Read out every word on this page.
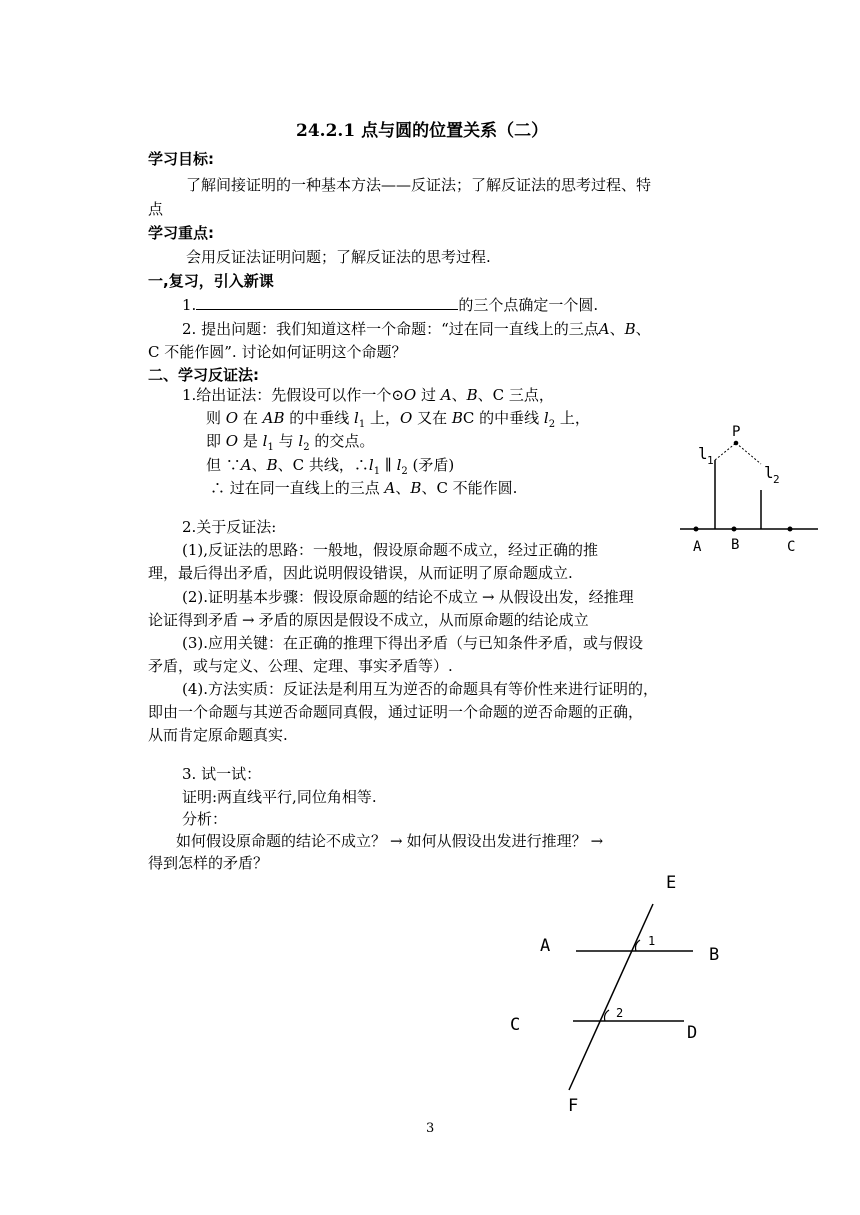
24.2.1 点与圆的位置关系（二）
学习目标:
了解间接证明的一种基本方法——反证法；了解反证法的思考过程、特
点
学习重点:
会用反证法证明问题；了解反证法的思考过程.
一,复习，引入新课
1.	的三个点确定一个圆.
2. 提出问题：我们知道这样一个命题：“过在同一直线上的三点A、B、
C 不能作圆”. 讨论如何证明这个命题？
二、学习反证法:
1.给出证法：先假设可以作一个⊙O 过 A、B、C 三点，
则 O 在 AB 的中垂线 $l_1$ 上，O 又在 BC 的中垂线 $l_2$ 上，
即 O 是 $l_1$ 与 $l_2$ 的交点。
但 ∵A、B、C 共线，$\therefore l_1$ ∥ $l_2$ (矛盾)
∴ 过在同一直线上的三点 A、B、C 不能作圆.
P
l 1
l 2
A B	C
2.关于反证法:
(1),反证法的思路：一般地，假设原命题不成立，经过正确的推
理，最后得出矛盾，因此说明假设错误，从而证明了原命题成立.
(2).证明基本步骤：假设原命题的结论不成立 → 从假设出发，经推理
论证得到矛盾 → 矛盾的原因是假设不成立，从而原命题的结论成立
(3).应用关键：在正确的推理下得出矛盾（与已知条件矛盾，或与假设
矛盾，或与定义、公理、定理、事实矛盾等）.
(4).方法实质：反证法是利用互为逆否的命题具有等价性来进行证明的，
即由一个命题与其逆否命题同真假，通过证明一个命题的逆否命题的正确，
从而肯定原命题真实.
3. 试一试：
证明:两直线平行,同位角相等.
分析：
如何假设原命题的结论不成立？ → 如何从假设出发进行推理？ →
得到怎样的矛盾？
E
A	B
C	D
F
1
2
3
